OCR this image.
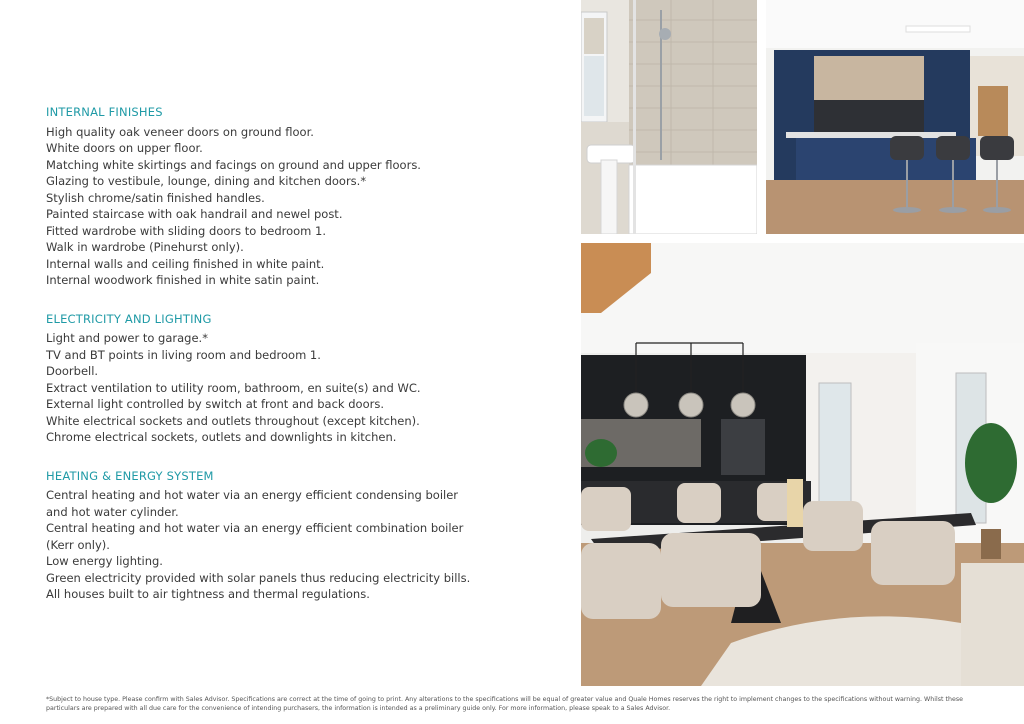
INTERNAL FINISHES

High quality oak veneer doors on ground floor.

White doors on upper floor.

Matching white skirtings and facings on ground and upper floors.

Glazing to vestibule, lounge, dining and kitchen doors.*

Stylish chrome/satin finished handles.

Painted staircase with oak handrail and newel post.

Fitted wardrobe with sliding doors to bedroom 1.

Walk in wardrobe (Pinehurst only).

Internal walls and ceiling finished in white paint.

Internal woodwork finished in white satin paint.

ELECTRICITY AND LIGHTING

Light and power to garage.*

TV and BT points in living room and bedroom 1.

Doorbell.

Extract ventilation to utility room, bathroom, en suite(s) and WC.

External light controlled by switch at front and back doors.

White electrical sockets and outlets throughout (except kitchen).

Chrome electrical sockets, outlets and downlights in kitchen.

HEATING & ENERGY SYSTEM

Central heating and hot water via an energy efficient condensing boiler

and hot water cylinder.

Central heating and hot water via an energy efficient combination boiler

(Kerr only).

Low energy lighting.

Green electricity provided with solar panels thus reducing electricity bills.

All houses built to air tightness and thermal regulations.

*Subject to house type. Please confirm with Sales Advisor. Specifications are correct at the time of going to print. Any alterations to the specifications will be equal of greater value and Quale Homes reserves the right to implement changes to the specifications without warning. Whilst these particulars are prepared with all due care for the convenience of intending purchasers, the information is intended as a preliminary guide only. For more information, please speak to a Sales Advisor.
